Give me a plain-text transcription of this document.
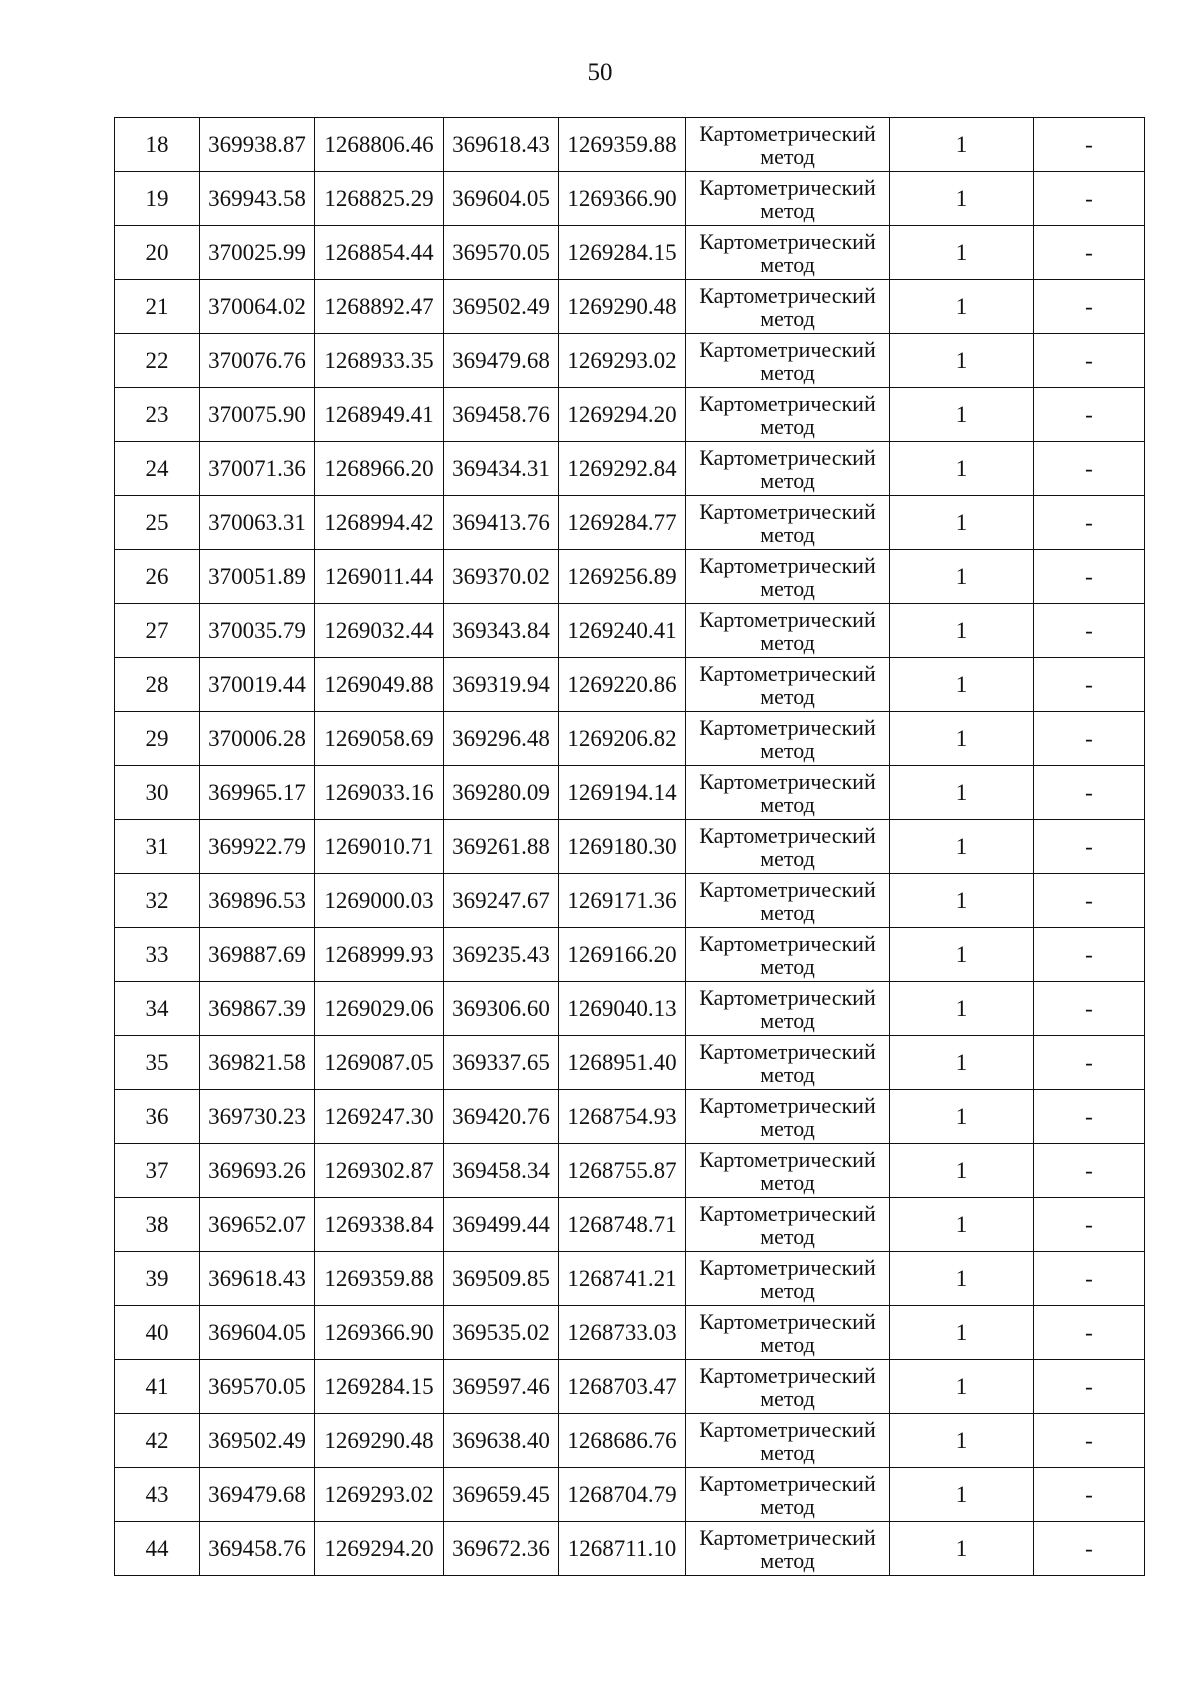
50
18	369938.87	1268806.46	369618.43	1269359.88	Картометрический
метод	1	-
19	369943.58	1268825.29	369604.05	1269366.90	Картометрический
метод	1	-
20	370025.99	1268854.44	369570.05	1269284.15	Картометрический
метод	1	-
21	370064.02	1268892.47	369502.49	1269290.48	Картометрический
метод	1	-
22	370076.76	1268933.35	369479.68	1269293.02	Картометрический
метод	1	-
23	370075.90	1268949.41	369458.76	1269294.20	Картометрический
метод	1	-
24	370071.36	1268966.20	369434.31	1269292.84	Картометрический
метод	1	-
25	370063.31	1268994.42	369413.76	1269284.77	Картометрический
метод	1	-
26	370051.89	1269011.44	369370.02	1269256.89	Картометрический
метод	1	-
27	370035.79	1269032.44	369343.84	1269240.41	Картометрический
метод	1	-
28	370019.44	1269049.88	369319.94	1269220.86	Картометрический
метод	1	-
29	370006.28	1269058.69	369296.48	1269206.82	Картометрический
метод	1	-
30	369965.17	1269033.16	369280.09	1269194.14	Картометрический
метод	1	-
31	369922.79	1269010.71	369261.88	1269180.30	Картометрический
метод	1	-
32	369896.53	1269000.03	369247.67	1269171.36	Картометрический
метод	1	-
33	369887.69	1268999.93	369235.43	1269166.20	Картометрический
метод	1	-
34	369867.39	1269029.06	369306.60	1269040.13	Картометрический
метод	1	-
35	369821.58	1269087.05	369337.65	1268951.40	Картометрический
метод	1	-
36	369730.23	1269247.30	369420.76	1268754.93	Картометрический
метод	1	-
37	369693.26	1269302.87	369458.34	1268755.87	Картометрический
метод	1	-
38	369652.07	1269338.84	369499.44	1268748.71	Картометрический
метод	1	-
39	369618.43	1269359.88	369509.85	1268741.21	Картометрический
метод	1	-
40	369604.05	1269366.90	369535.02	1268733.03	Картометрический
метод	1	-
41	369570.05	1269284.15	369597.46	1268703.47	Картометрический
метод	1	-
42	369502.49	1269290.48	369638.40	1268686.76	Картометрический
метод	1	-
43	369479.68	1269293.02	369659.45	1268704.79	Картометрический
метод	1	-
44	369458.76	1269294.20	369672.36	1268711.10	Картометрический
метод	1	-
